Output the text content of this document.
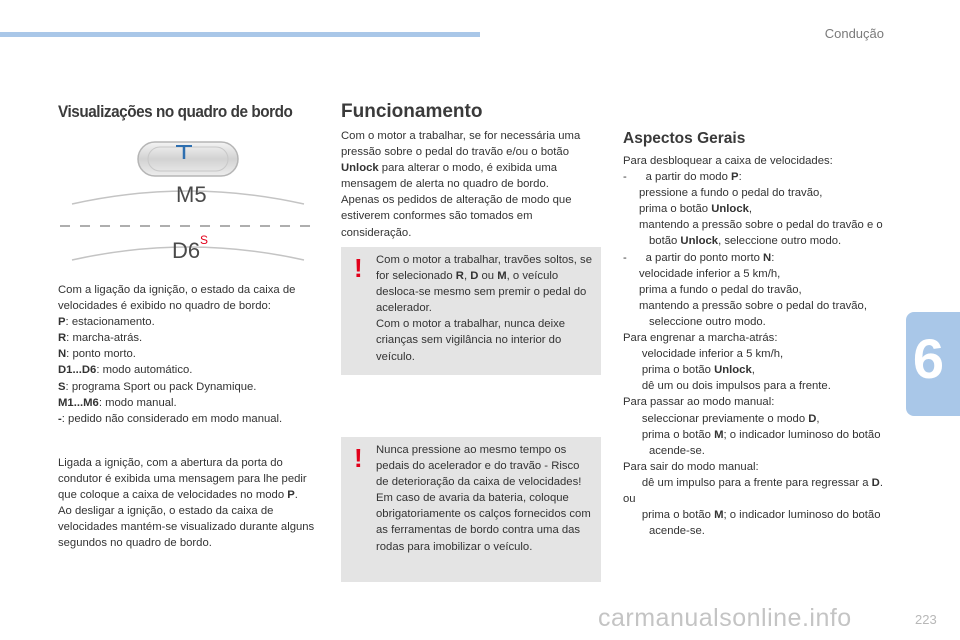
Condução
6
Visualizações no quadro de bordo
M5
D6 S

Com a ligação da ignição, o estado da caixa de velocidades é exibido no quadro de bordo:

P: estacionamento.

R: marcha-atrás.

N: ponto morto.

D1...D6: modo automático.

S: programa Sport ou pack Dynamique.

M1...M6: modo manual.

-: pedido não considerado em modo manual.

Ligada a ignição, com a abertura da porta do condutor é exibida uma mensagem para lhe pedir que coloque a caixa de velocidades no modo P.

Ao desligar a ignição, o estado da caixa de velocidades mantém-se visualizado durante alguns segundos no quadro de bordo.

Funcionamento

Com o motor a trabalhar, se for necessária uma pressão sobre o pedal do travão e/ou o botão Unlock para alterar o modo, é exibida uma mensagem de alerta no quadro de bordo.

Apenas os pedidos de alteração de modo que estiverem conformes são tomados em consideração.

! Com o motor a trabalhar, travões soltos, se for selecionado R, D ou M, o veículo desloca-se mesmo sem premir o pedal do acelerador.

Com o motor a trabalhar, nunca deixe crianças sem vigilância no interior do veículo.

! Nunca pressione ao mesmo tempo os pedais do acelerador e do travão - Risco de deterioração da caixa de velocidades!

Em caso de avaria da bateria, coloque obrigatoriamente os calços fornecidos com as ferramentas de bordo contra uma das rodas para imobilizar o veículo.

Aspectos Gerais

Para desbloquear a caixa de velocidades:

- a partir do modo P:

pressione a fundo o pedal do travão,

prima o botão Unlock,

mantendo a pressão sobre o pedal do travão e o botão Unlock, seleccione outro modo.

- a partir do ponto morto N:

velocidade inferior a 5 km/h,

prima a fundo o pedal do travão,

mantendo a pressão sobre o pedal do travão, seleccione outro modo.

Para engrenar a marcha-atrás:

velocidade inferior a 5 km/h,

prima o botão Unlock,

dê um ou dois impulsos para a frente.

Para passar ao modo manual:

seleccionar previamente o modo D,

prima o botão M; o indicador luminoso do botão acende-se.

Para sair do modo manual:

dê um impulso para a frente para regressar a D.

ou

prima o botão M; o indicador luminoso do botão acende-se.

carmanualsonline.info	223
